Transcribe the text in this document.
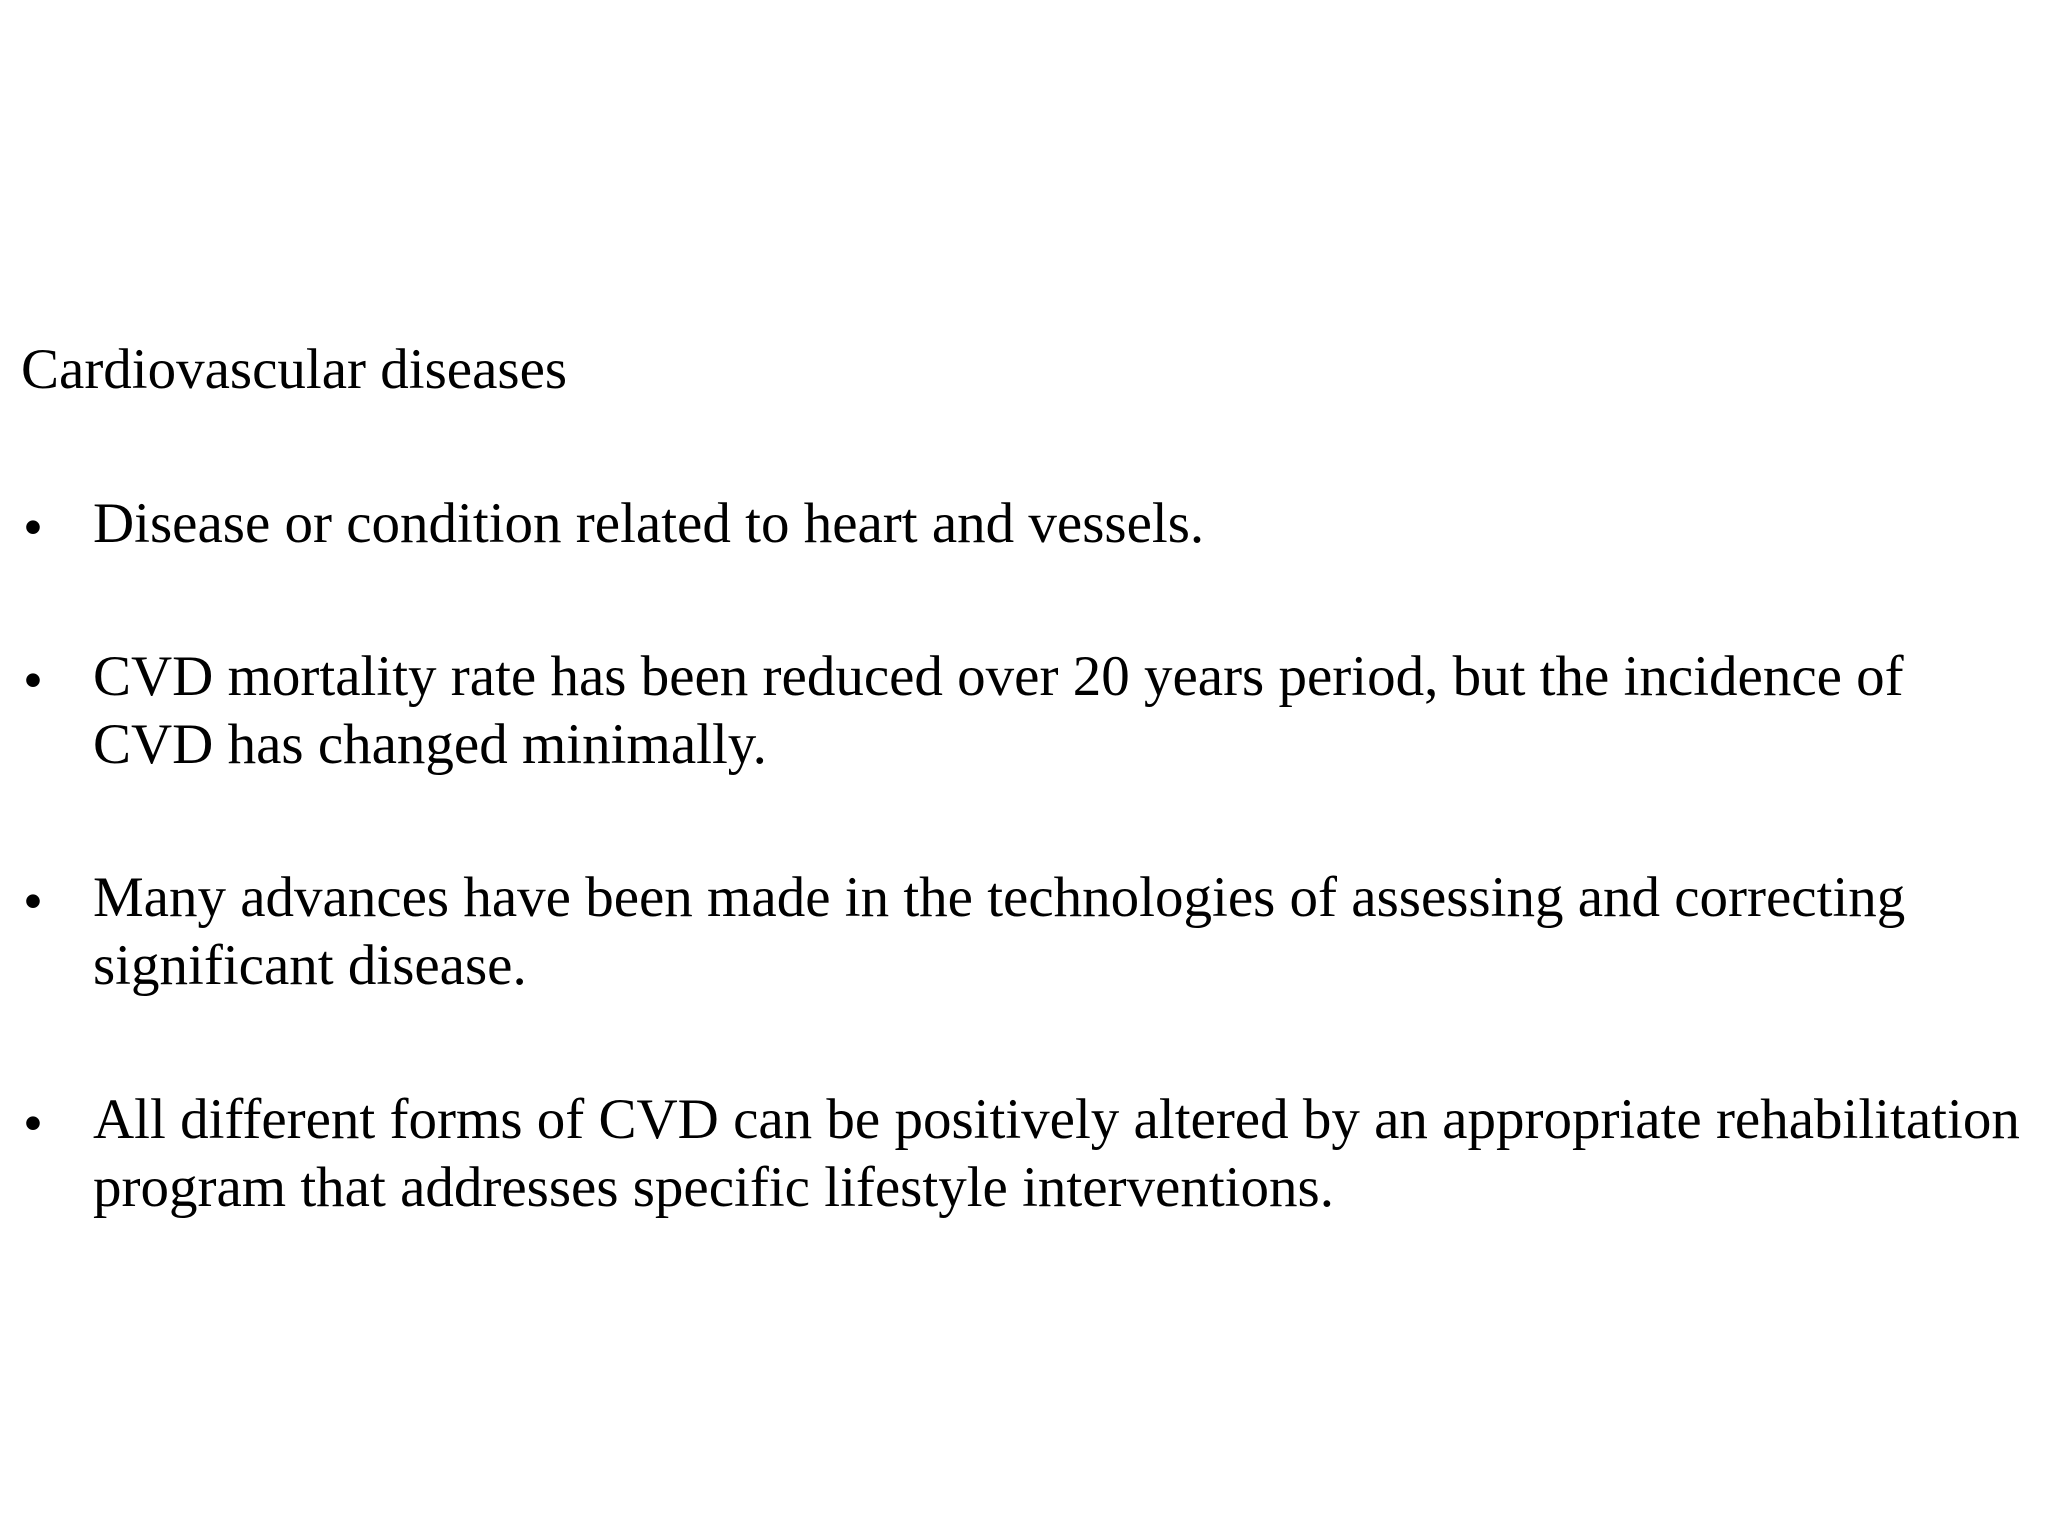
Cardiovascular diseases
• Disease or condition related to heart and vessels.

• CVD mortality rate has been reduced over 20 years period, but the incidence of CVD has changed minimally.

• Many advances have been made in the technologies of assessing and correcting significant disease.

• All different forms of CVD can be positively altered by an appropriate rehabilitation program that addresses specific lifestyle interventions.
